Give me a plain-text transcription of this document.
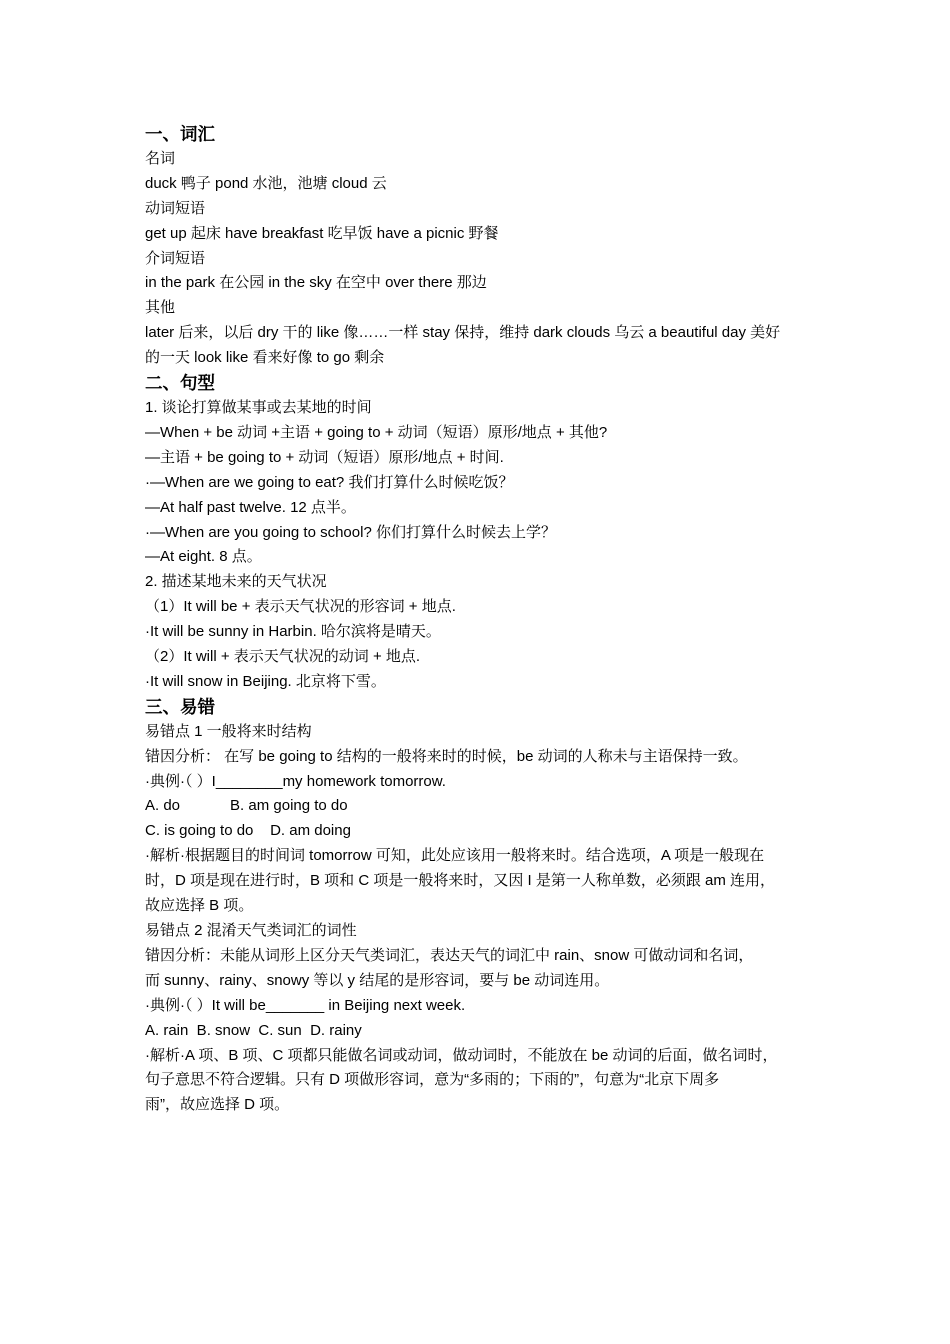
一、词汇
名词
duck 鸭子 pond 水池，池塘 cloud 云
动词短语
get up 起床 have breakfast 吃早饭 have a picnic 野餐
介词短语
in the park 在公园 in the sky 在空中 over there 那边
其他
later 后来，以后 dry 干的 like 像……一样 stay 保持，维持 dark clouds 乌云 a beautiful day 美好
的一天 look like 看来好像 to go 剩余
二、句型
1. 谈论打算做某事或去某地的时间
—When + be 动词 +主语 + going to + 动词（短语）原形/地点 + 其他?
—主语 + be going to + 动词（短语）原形/地点 + 时间.
·—When are we going to eat? 我们打算什么时候吃饭？
—At half past twelve. 12 点半。
·—When are you going to school? 你们打算什么时候去上学？
—At eight. 8 点。
2. 描述某地未来的天气状况
（1）It will be + 表示天气状况的形容词 + 地点.
·It will be sunny in Harbin. 哈尔滨将是晴天。
（2）It will + 表示天气状况的动词 + 地点.
·It will snow in Beijing. 北京将下雪。
三、易错
易错点 1 一般将来时结构
错因分析： 在写 be going to 结构的一般将来时的时候，be 动词的人称未与主语保持一致。
·典例·（ ）I________my homework tomorrow.
A. do            B. am going to do
C. is going to do    D. am doing
·解析·根据题目的时间词 tomorrow 可知，此处应该用一般将来时。结合选项，A 项是一般现在
时，D 项是现在进行时，B 项和 C 项是一般将来时，又因 I 是第一人称单数，必须跟 am 连用，
故应选择 B 项。
易错点 2 混淆天气类词汇的词性
错因分析：未能从词形上区分天气类词汇，表达天气的词汇中 rain、snow 可做动词和名词，
而 sunny、rainy、snowy 等以 y 结尾的是形容词，要与 be 动词连用。
·典例·（ ）It will be_______ in Beijing next week.
A. rain  B. snow  C. sun  D. rainy
·解析·A 项、B 项、C 项都只能做名词或动词，做动词时，不能放在 be 动词的后面，做名词时，
句子意思不符合逻辑。只有 D 项做形容词，意为“多雨的；下雨的”，句意为“北京下周多
雨”，故应选择 D 项。
